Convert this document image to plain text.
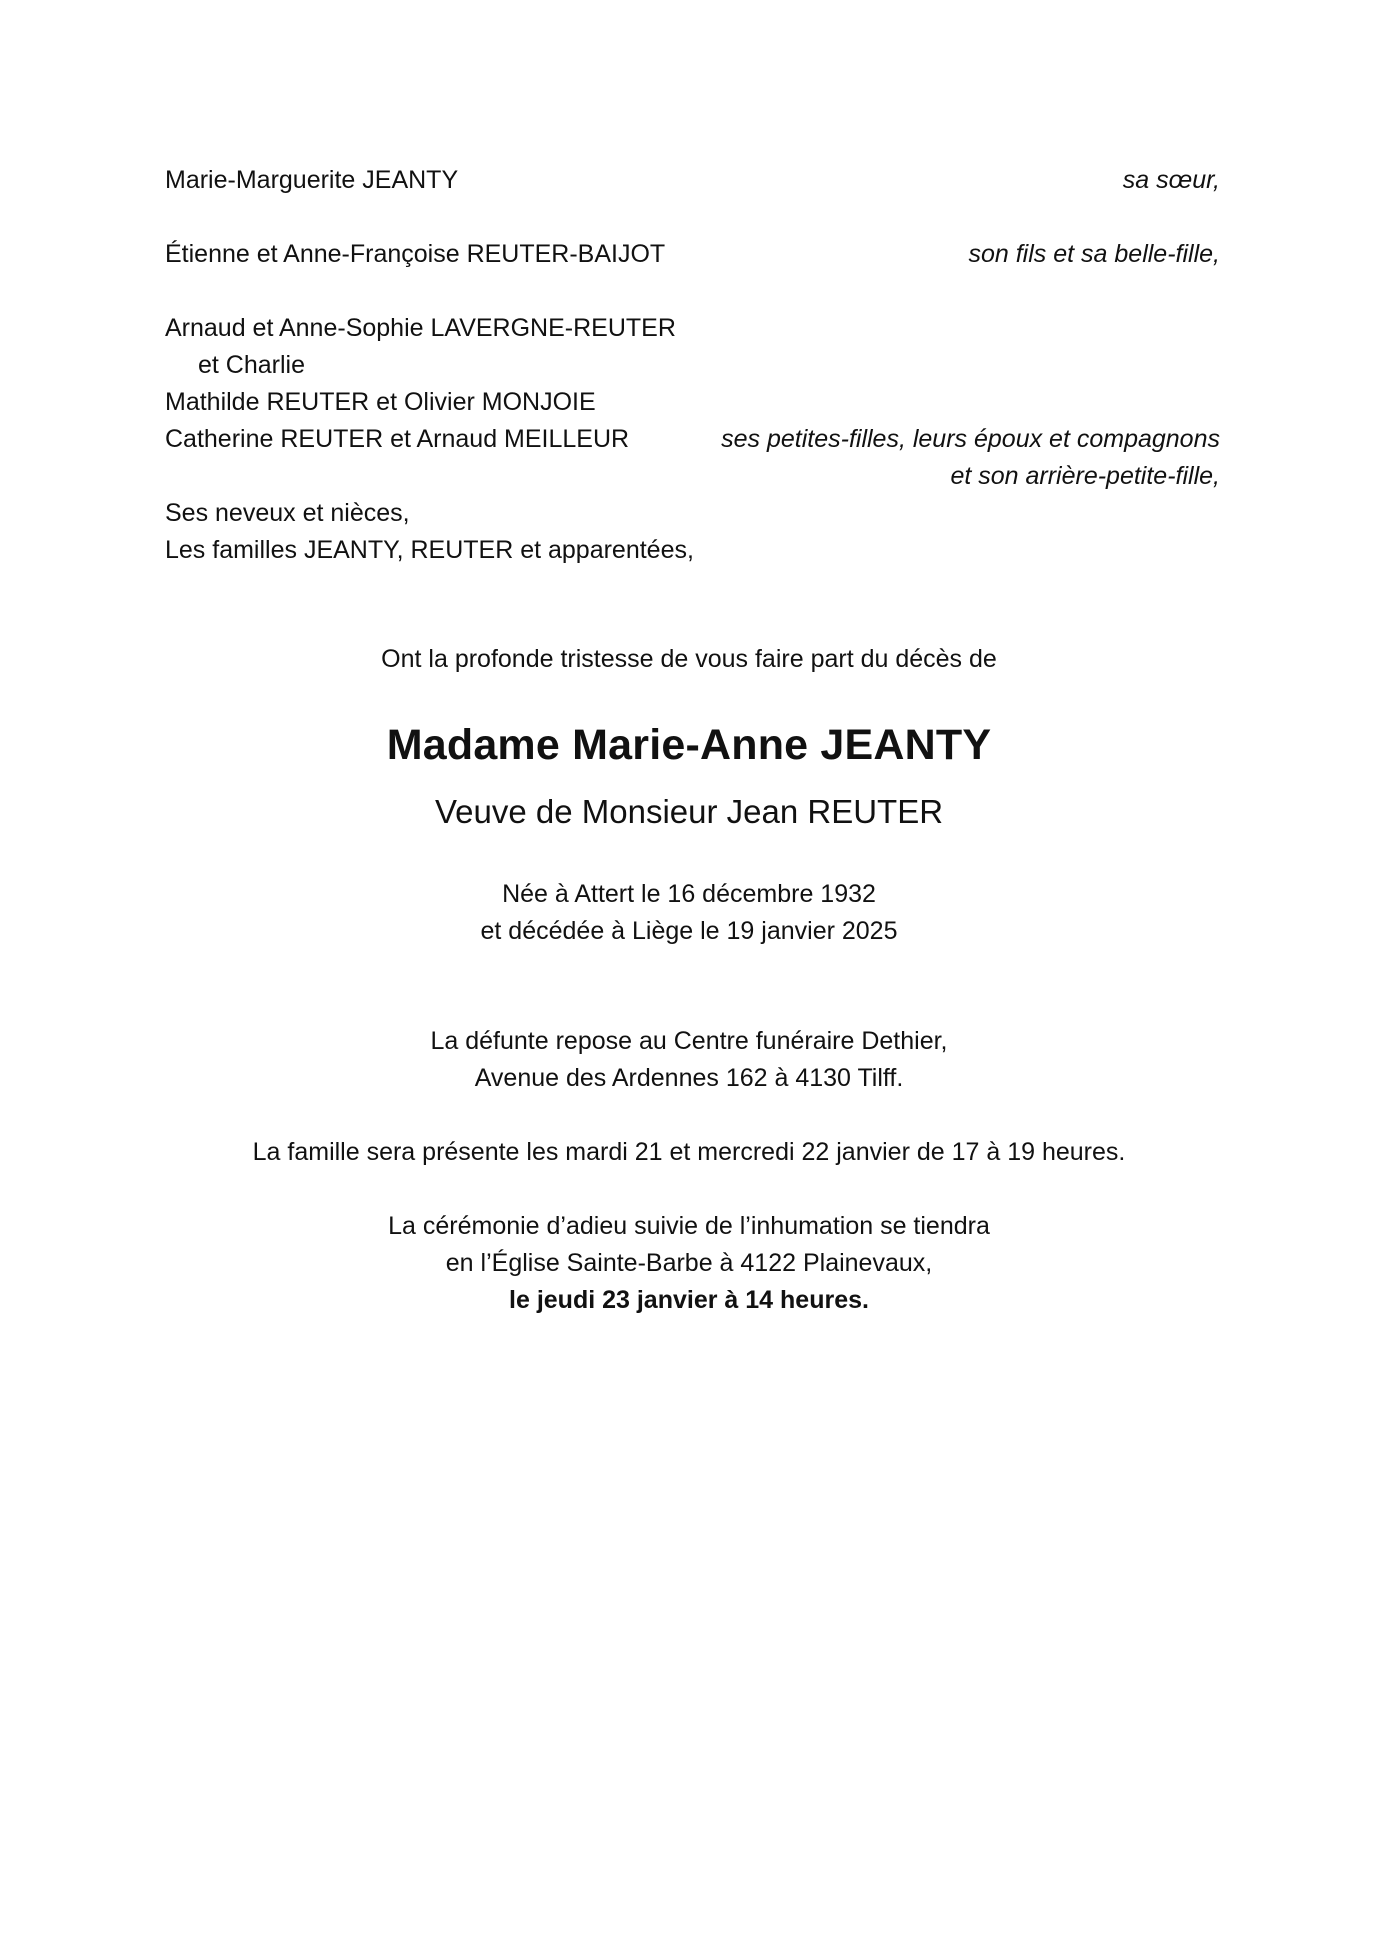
Marie-Marguerite JEANTY	sa sœur,
Étienne et Anne-Françoise REUTER-BAIJOT	son fils et sa belle-fille,
Arnaud et Anne-Sophie LAVERGNE-REUTER
et Charlie
Mathilde REUTER et Olivier MONJOIE
Catherine REUTER et Arnaud MEILLEUR	ses petites-filles, leurs époux et compagnons
et son arrière-petite-fille,
Ses neveux et nièces,
Les familles JEANTY, REUTER et apparentées,
Ont la profonde tristesse de vous faire part du décès de
Madame Marie-Anne JEANTY
Veuve de Monsieur Jean REUTER
Née à Attert le 16 décembre 1932
et décédée à Liège le 19 janvier 2025
La défunte repose au Centre funéraire Dethier,
Avenue des Ardennes 162 à 4130 Tilff.
La famille sera présente les mardi 21 et mercredi 22 janvier de 17 à 19 heures.
La cérémonie d’adieu suivie de l’inhumation se tiendra
en l’Église Sainte-Barbe à 4122 Plainevaux,
le jeudi 23 janvier à 14 heures.
